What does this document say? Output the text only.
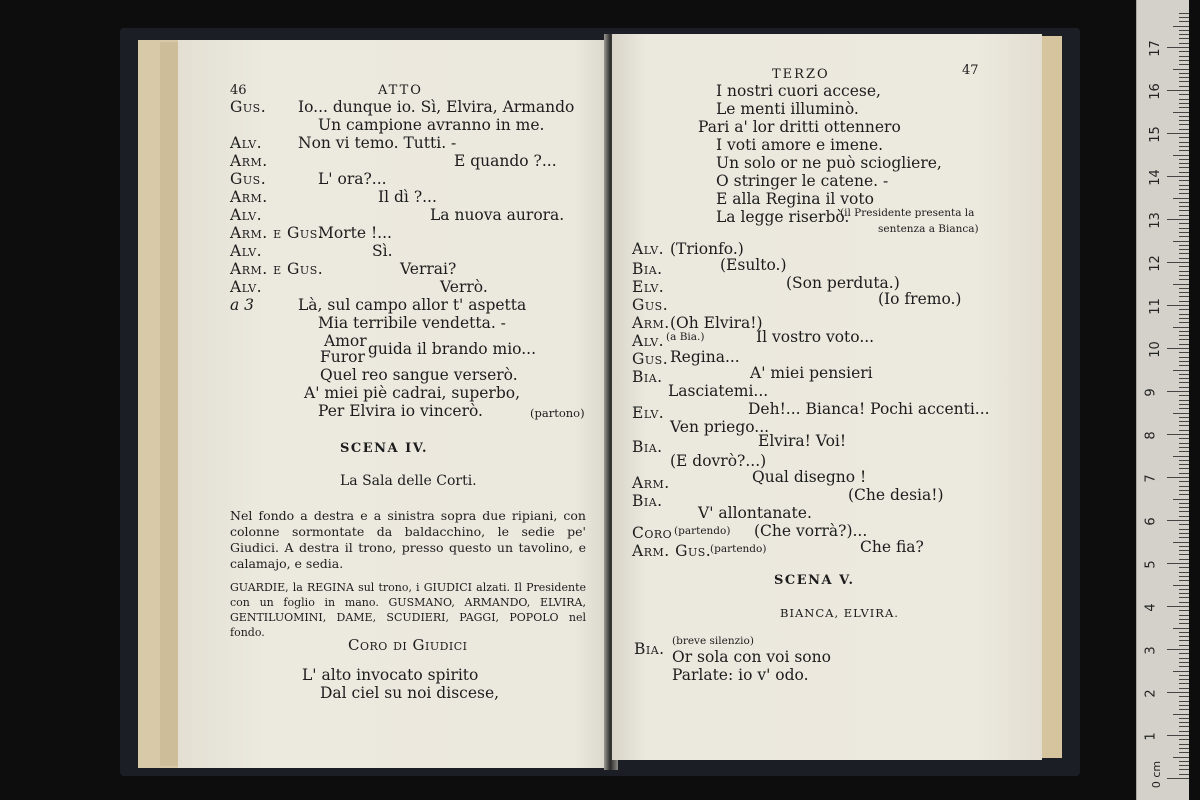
46	ATTO
Gus. Io... dunque io. Sì, Elvira, Armando
Un campione avranno in me.
Alv. Non vi temo. Tutti. -
Arm.	E quando ?...
Gus.	L' ora?...
Arm.	Il dì ?...
Alv.	La nuova aurora.
Arm. e Gus.
Morte !...
Alv.	Sì.
Arm. e Gus.	Verrai?
Alv.	Verrò.
a 3	Là, sul campo allor t' aspetta
Mia terribile vendetta. -
Amor
Furor guida il brando mio...
Quel reo sangue verserò.
A' miei piè cadrai, superbo,
Per Elvira io vincerò.	(partono)
SCENA IV.
La Sala delle Corti.
Nel fondo a destra e a sinistra sopra due ripiani, con colonne sormontate da baldacchino, le sedie pe' Giudici. A destra il trono, presso questo un tavolino, e calamajo, e sedia.
GUARDIE, la REGINA sul trono, i GIUDICI alzati. Il Presidente con un foglio in mano. GUSMANO, ARMANDO, ELVIRA, GENTILUOMINI, DAME, SCUDIERI, PAGGI, POPOLO nel fondo.
Coro di Giudici
L' alto invocato spirito
Dal ciel su noi discese,
TERZO	47
I nostri cuori accese,
Le menti illuminò.
Pari a' lor dritti ottennero
I voti amore e imene.
Un solo or ne può sciogliere,
O stringer le catene. -
E alla Regina il voto
La legge riserbò.
(il Presidente presenta la
sentenza a Bianca)
Alv. (Trionfo.)
Bia.	(Esulto.)
Elv.	(Son perduta.)
Gus.	(Io fremo.)
Arm. (Oh Elvira!)
Alv. (a Bia.)	Il vostro voto...
Gus. Regina...
Bia.	A' miei pensieri
Lasciatemi...
Elv.	Deh!... Bianca! Pochi accenti...
Ven priego...
Bia.	Elvira! Voi!
(E dovrò?...)
Arm.	Qual disegno !
Bia.	(Che desia!)
V' allontanate.
Coro (partendo) (Che vorrà?)...
Arm. Gus.
(partendo)	Che fia?
SCENA V.
BIANCA, ELVIRA.
Bia. (breve silenzio)
Or sola con voi sono
Parlate: io v' odo.
0 cm
1
2
3
4
5
6
7
8
9
10
11
12
13
14
15
16
17
